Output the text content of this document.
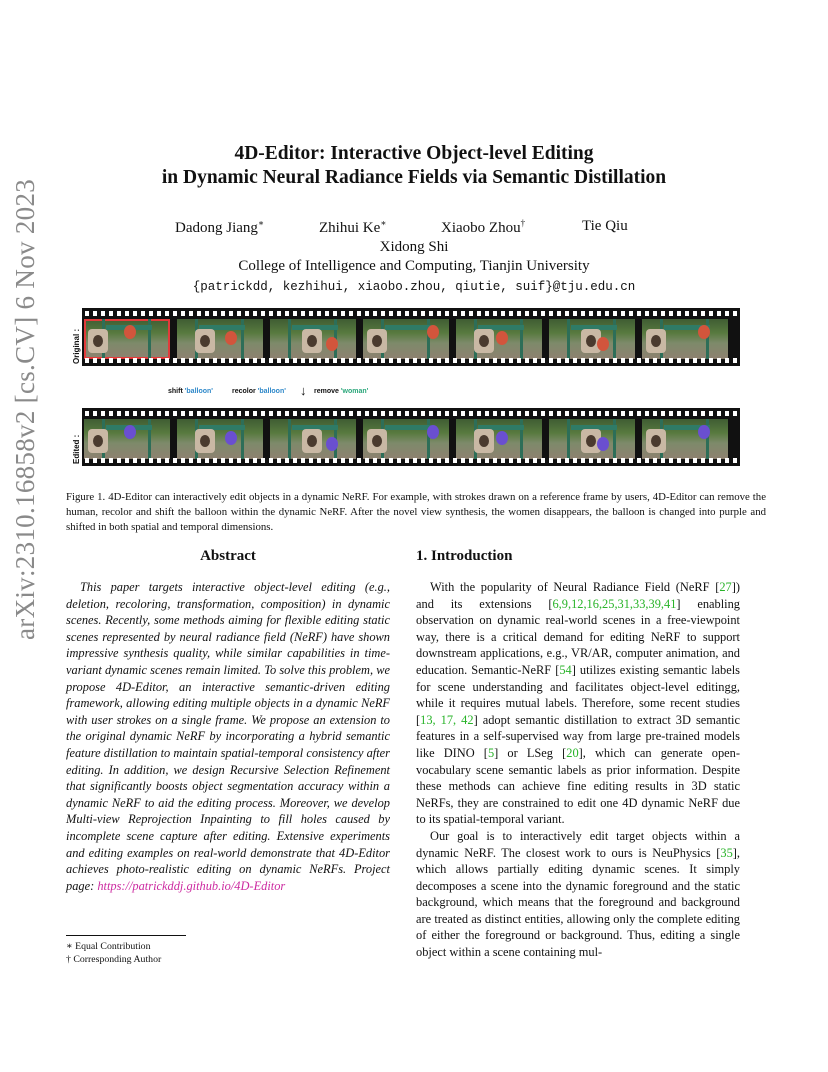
arXiv:2310.16858v2 [cs.CV] 6 Nov 2023
4D-Editor: Interactive Object-level Editing
in Dynamic Neural Radiance Fields via Semantic Distillation
Dadong Jiang∗	Zhihui Ke∗	Xiaobo Zhou†	Tie Qiu
Xidong Shi
College of Intelligence and Computing, Tianjin University
{patrickdd, kezhihui, xiaobo.zhou, qiutie, suif}@tju.edu.cn
Original :
shift 'balloon'	recolor 'balloon' ↓ remove 'woman'
Edited :
Figure 1. 4D-Editor can interactively edit objects in a dynamic NeRF. For example, with strokes drawn on a reference frame by users, 4D-Editor can remove the human, recolor and shift the balloon within the dynamic NeRF. After the novel view synthesis, the women disappears, the balloon is changed into purple and shifted in both spatial and temporal dimensions.
Abstract

This paper targets interactive object-level editing (e.g., deletion, recoloring, transformation, composition) in dynamic scenes. Recently, some methods aiming for flexible editing static scenes represented by neural radiance field (NeRF) have shown impressive synthesis quality, while similar capabilities in time-variant dynamic scenes remain limited. To solve this problem, we propose 4D-Editor, an interactive semantic-driven editing framework, allowing editing multiple objects in a dynamic NeRF with user strokes on a single frame. We propose an extension to the original dynamic NeRF by incorporating a hybrid semantic feature distillation to maintain spatial-temporal consistency after editing. In addition, we design Recursive Selection Refinement that significantly boosts object segmentation accuracy within a dynamic NeRF to aid the editing process. Moreover, we develop Multi-view Reprojection Inpainting to fill holes caused by incomplete scene capture after editing. Extensive experiments and editing examples on real-world demonstrate that 4D-Editor achieves photo-realistic editing on dynamic NeRFs. Project page: https://patrickddj.github.io/4D-Editor

∗ Equal Contribution
† Corresponding Author
1. Introduction

With the popularity of Neural Radiance Field (NeRF [27]) and its extensions [6,9,12,16,25,31,33,39,41] enabling observation on dynamic real-world scenes in a free-viewpoint way, there is a critical demand for editing NeRF to support downstream applications, e.g., VR/AR, computer animation, and education. Semantic-NeRF [54] utilizes existing semantic labels for scene understanding and facilitates object-level editingg, while it requires mutual labels. Therefore, some recent studies [13, 17, 42] adopt semantic distillation to extract 3D semantic features in a self-supervised way from large pre-trained models like DINO [5] or LSeg [20], which can generate open-vocabulary scene semantic labels as prior information. Despite these methods can achieve fine editing results in 3D static NeRFs, they are constrained to edit one 4D dynamic NeRF due to its spatial-temporal variant.

Our goal is to interactively edit target objects within a dynamic NeRF. The closest work to ours is NeuPhysics [35], which allows partially editing dynamic scenes. It simply decomposes a scene into the dynamic foreground and the static background, which means that the foreground and background are treated as distinct entities, allowing only the complete editing of either the foreground or background. Thus, editing a single object within a scene containing mul-
